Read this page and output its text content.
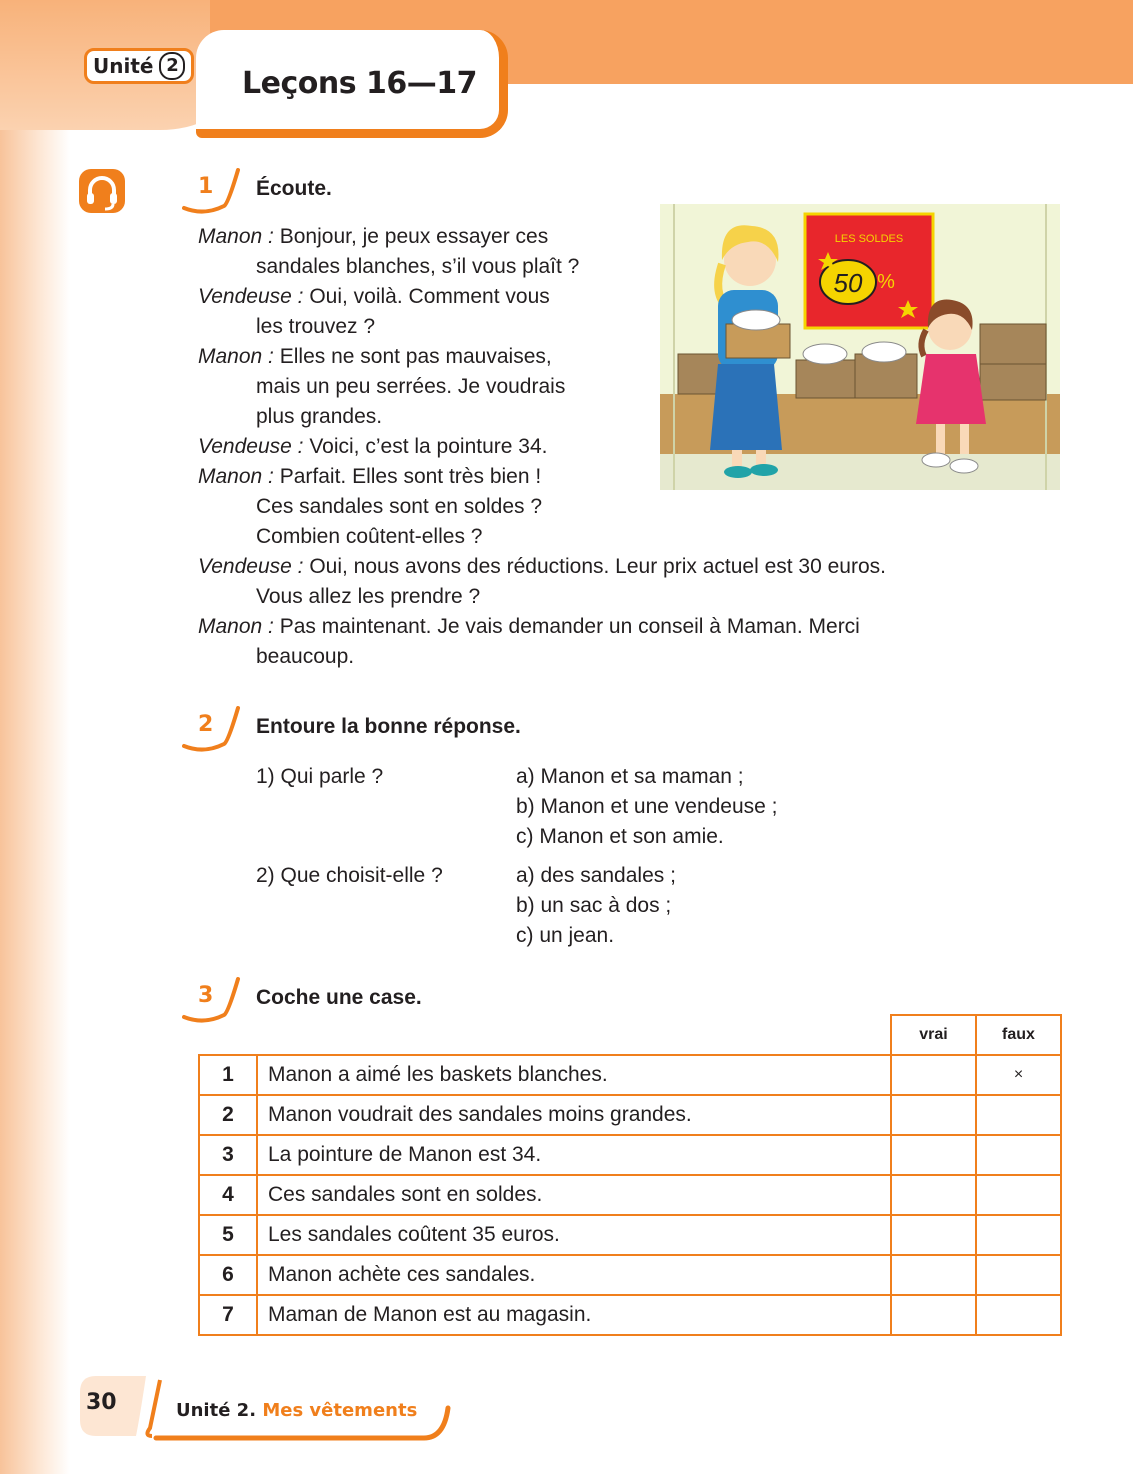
Unité 2
Leçons 16—17
1 Écoute.
Manon : Bonjour, je peux essayer ces
sandales blanches, s’il vous plaît ?
Vendeuse : Oui, voilà. Comment vous
les trouvez ?
Manon : Elles ne sont pas mauvaises,
mais un peu serrées. Je voudrais
plus grandes.
Vendeuse : Voici, c’est la pointure 34.
Manon : Parfait. Elles sont très bien !
Ces sandales sont en soldes ?
Combien coûtent-elles ?
Vendeuse : Oui, nous avons des réductions. Leur prix actuel est 30 euros.
Vous allez les prendre ?
Manon : Pas maintenant. Je vais demander un conseil à Maman. Merci
beaucoup.
LES SOLDES
50 %
2 Entoure la bonne réponse.
1) Qui parle ?	a) Manon et sa maman ;
b) Manon et une vendeuse ;
c) Manon et son amie.
2) Que choisit-elle ?	a) des sandales ;
b) un sac à dos ;
c) un jean.
3 Coche une case.
		vrai	faux
1	Manon a aimé les baskets blanches.		×
2	Manon voudrait des sandales moins grandes.		
3	La pointure de Manon est 34.		
4	Ces sandales sont en soldes.		
5	Les sandales coûtent 35 euros.		
6	Manon achète ces sandales.		
7	Maman de Manon est au magasin.		
30	Unité 2. Mes vêtements
